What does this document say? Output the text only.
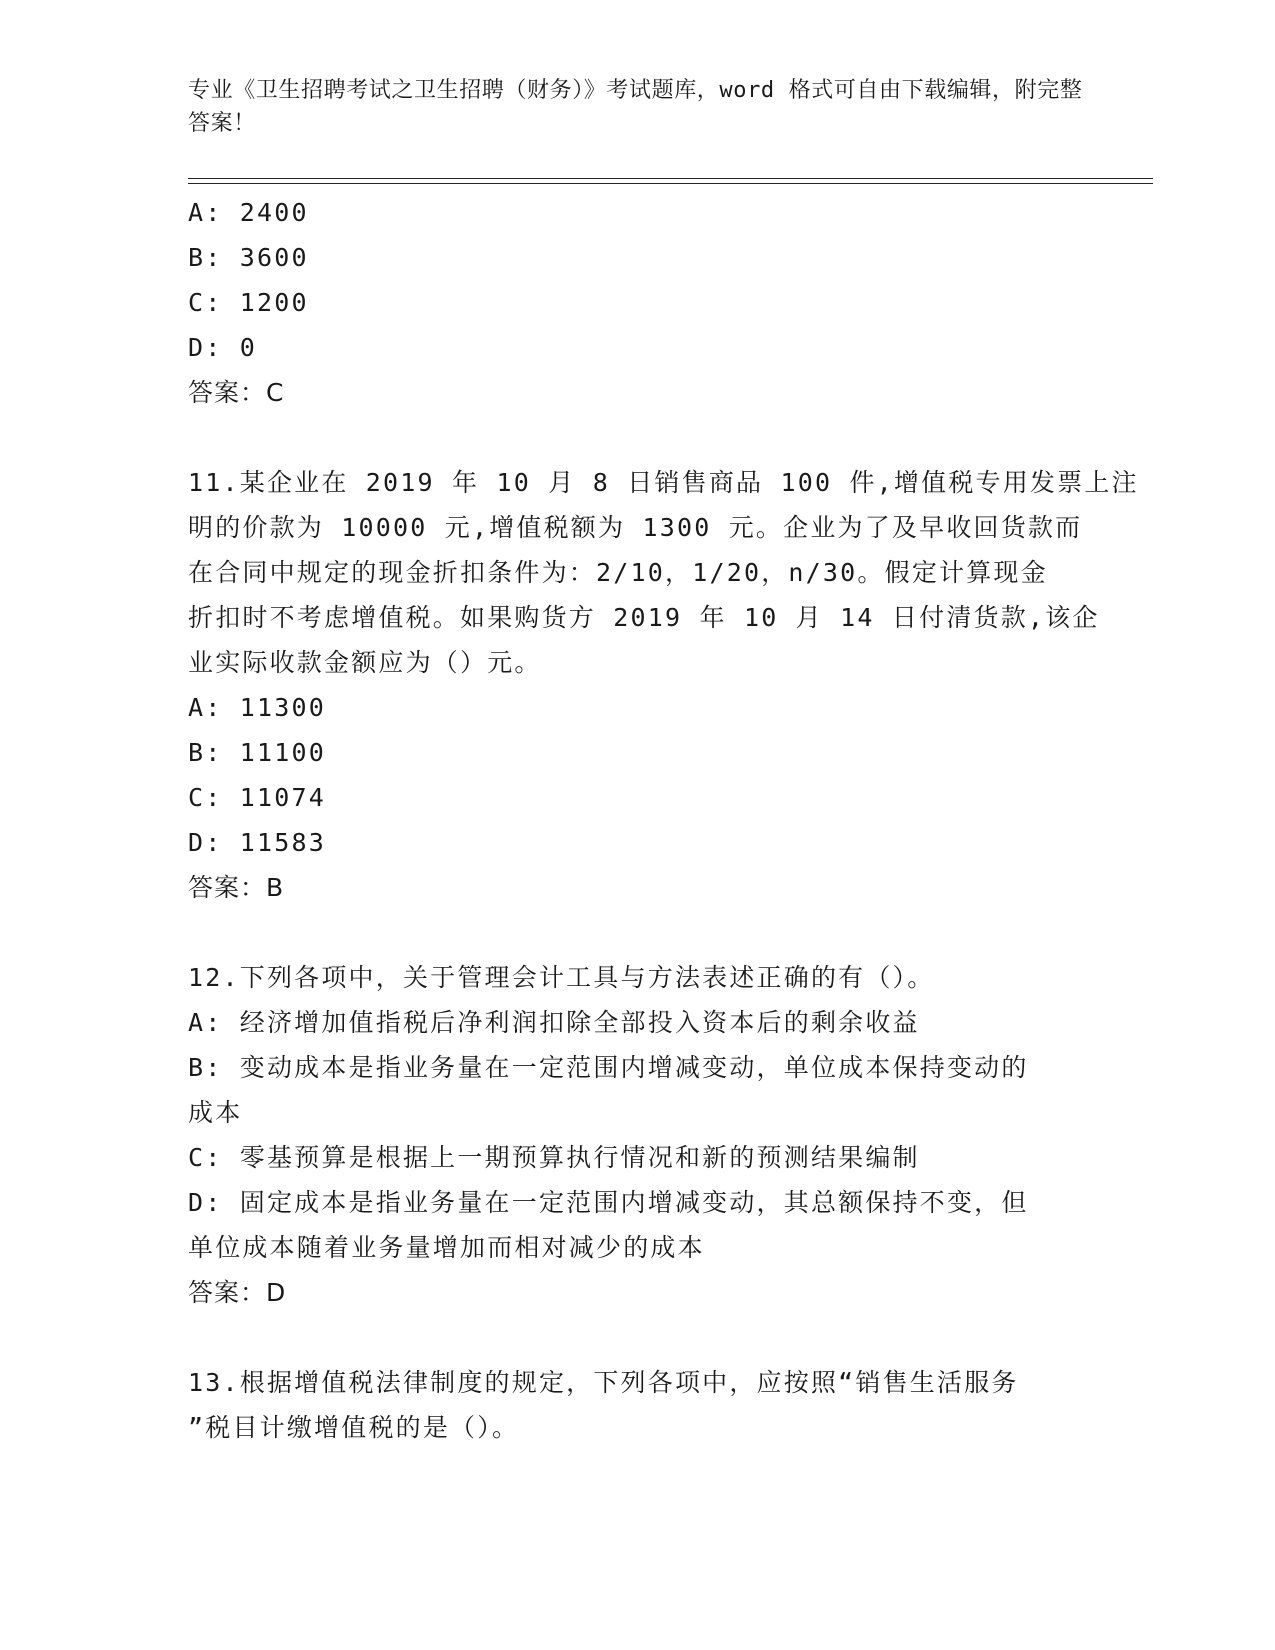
专业《卫生招聘考试之卫生招聘（财务）》考试题库，word 格式可自由下载编辑，附完整答案！
A: 2400
B: 3600
C: 1200
D: 0
答案：C
11.某企业在 2019 年 10 月 8 日销售商品 100 件,增值税专用发票上注
明的价款为 10000 元,增值税额为 1300 元。企业为了及早收回货款而
在合同中规定的现金折扣条件为：2/10，1/20，n/30。假定计算现金
折扣时不考虑增值税。如果购货方 2019 年 10 月 14 日付清货款,该企
业实际收款金额应为（）元。
A: 11300
B: 11100
C: 11074
D: 11583
答案：B
12.下列各项中，关于管理会计工具与方法表述正确的有（）。
A: 经济增加值指税后净利润扣除全部投入资本后的剩余收益
B: 变动成本是指业务量在一定范围内增减变动，单位成本保持变动的
成本
C: 零基预算是根据上一期预算执行情况和新的预测结果编制
D: 固定成本是指业务量在一定范围内增减变动，其总额保持不变，但
单位成本随着业务量增加而相对减少的成本
答案：D
13.根据增值税法律制度的规定，下列各项中，应按照“销售生活服务
”税目计缴增值税的是（）。
